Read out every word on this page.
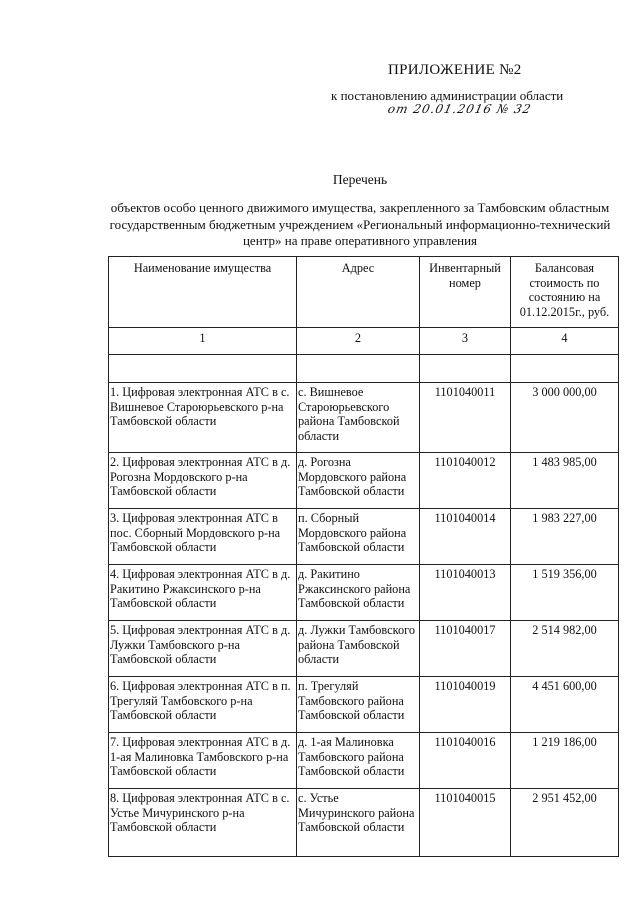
ПРИЛОЖЕНИЕ №2
к постановлению администрации области
от 20.01.2016 № 32
Перечень

объектов особо ценного движимого имущества, закрепленного за Тамбовским областным государственным бюджетным учреждением «Региональный информационно-технический центр» на праве оперативного управления

Наименование имущества	Адрес	Инвентарный номер	Балансовая стоимость по состоянию на 01.12.2015г., руб.
1	2	3	4

1. Цифровая электронная АТС в с. Вишневое Староюрьевского р-на Тамбовской области	с. Вишневое Староюрьевского района Тамбовской области	1101040011	3 000 000,00
2. Цифровая электронная АТС в д. Рогозна Мордовского р-на Тамбовской области	д. Рогозна Мордовского района Тамбовской области	1101040012	1 483 985,00
3. Цифровая электронная АТС в пос. Сборный Мордовского р-на Тамбовской области	п. Сборный Мордовского района Тамбовской области	1101040014	1 983 227,00
4. Цифровая электронная АТС в д. Ракитино Ржаксинского р-на Тамбовской области	д. Ракитино Ржаксинского района Тамбовской области	1101040013	1 519 356,00
5. Цифровая электронная АТС в д. Лужки Тамбовского р-на Тамбовской области	д. Лужки Тамбовского района Тамбовской области	1101040017	2 514 982,00
6. Цифровая электронная АТС в п. Трегуляй Тамбовского р-на Тамбовской области	п. Трегуляй Тамбовского района Тамбовской области	1101040019	4 451 600,00
7. Цифровая электронная АТС в д. 1-ая Малиновка Тамбовского р-на Тамбовской области	д. 1-ая Малиновка Тамбовского района Тамбовской области	1101040016	1 219 186,00
8. Цифровая электронная АТС в с. Устье Мичуринского р-на Тамбовской области	с. Устье Мичуринского района Тамбовской области	1101040015	2 951 452,00
